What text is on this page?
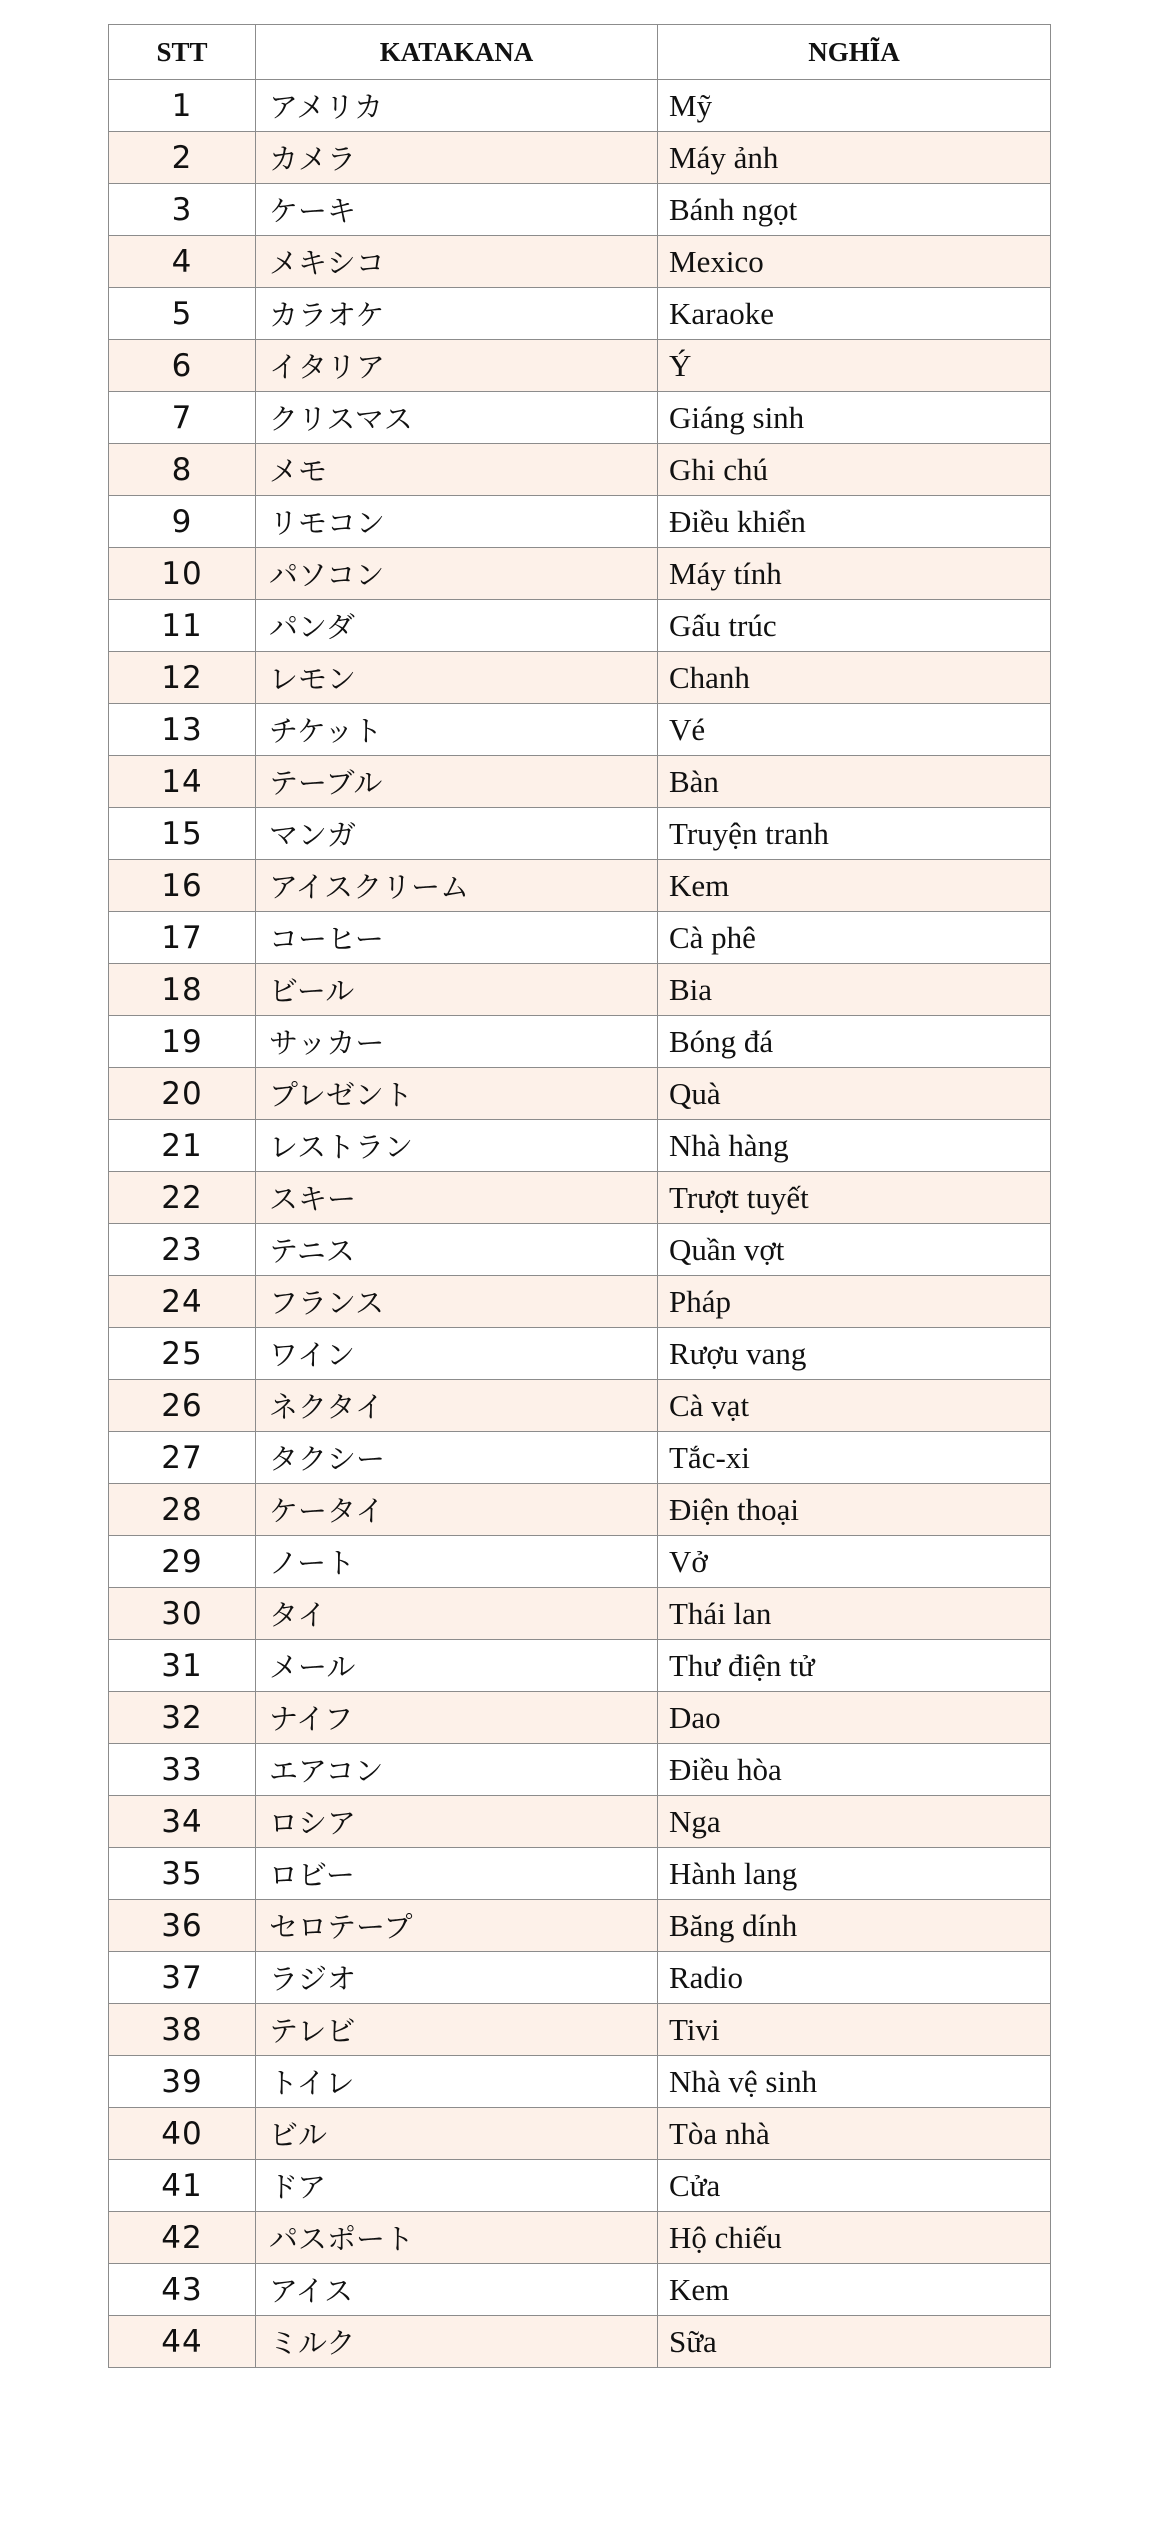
STT	KATAKANA	NGHĨA
1	アメリカ	Mỹ
2	カメラ	Máy ảnh
3	ケーキ	Bánh ngọt
4	メキシコ	Mexico
5	カラオケ	Karaoke
6	イタリア	Ý
7	クリスマス	Giáng sinh
8	メモ	Ghi chú
9	リモコン	Điều khiển
10	パソコン	Máy tính
11	パンダ	Gấu trúc
12	レモン	Chanh
13	チケット	Vé
14	テーブル	Bàn
15	マンガ	Truyện tranh
16	アイスクリーム	Kem
17	コーヒー	Cà phê
18	ビール	Bia
19	サッカー	Bóng đá
20	プレゼント	Quà
21	レストラン	Nhà hàng
22	スキー	Trượt tuyết
23	テニス	Quần vợt
24	フランス	Pháp
25	ワイン	Rượu vang
26	ネクタイ	Cà vạt
27	タクシー	Tắc-xi
28	ケータイ	Điện thoại
29	ノート	Vở
30	タイ	Thái lan
31	メール	Thư điện tử
32	ナイフ	Dao
33	エアコン	Điều hòa
34	ロシア	Nga
35	ロビー	Hành lang
36	セロテープ	Băng dính
37	ラジオ	Radio
38	テレビ	Tivi
39	トイレ	Nhà vệ sinh
40	ビル	Tòa nhà
41	ドア	Cửa
42	パスポート	Hộ chiếu
43	アイス	Kem
44	ミルク	Sữa
